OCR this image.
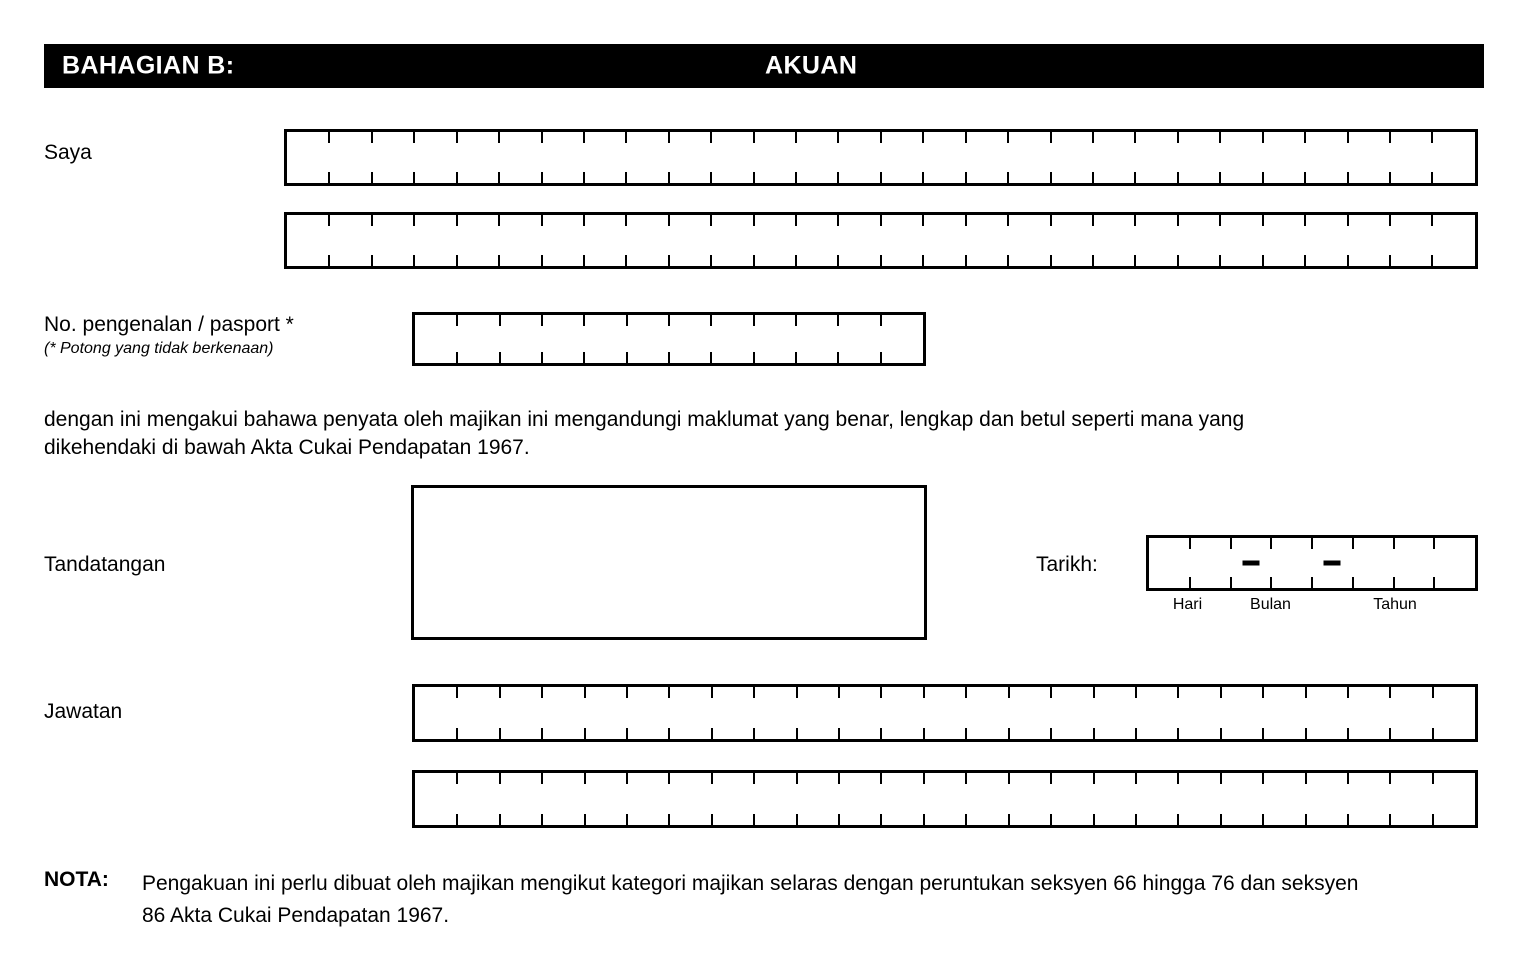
BAHAGIAN B:	AKUAN
Saya
No. pengenalan / pasport *
(* Potong yang tidak berkenaan)
dengan ini mengakui bahawa penyata oleh majikan ini mengandungi maklumat yang benar, lengkap dan betul seperti mana yang
dikehendaki di bawah Akta Cukai Pendapatan 1967.
Tandatangan	Tarikh:
Hari	Bulan	Tahun
Jawatan
NOTA: Pengakuan ini perlu dibuat oleh majikan mengikut kategori majikan selaras dengan peruntukan seksyen 66 hingga 76 dan seksyen
86 Akta Cukai Pendapatan 1967.
